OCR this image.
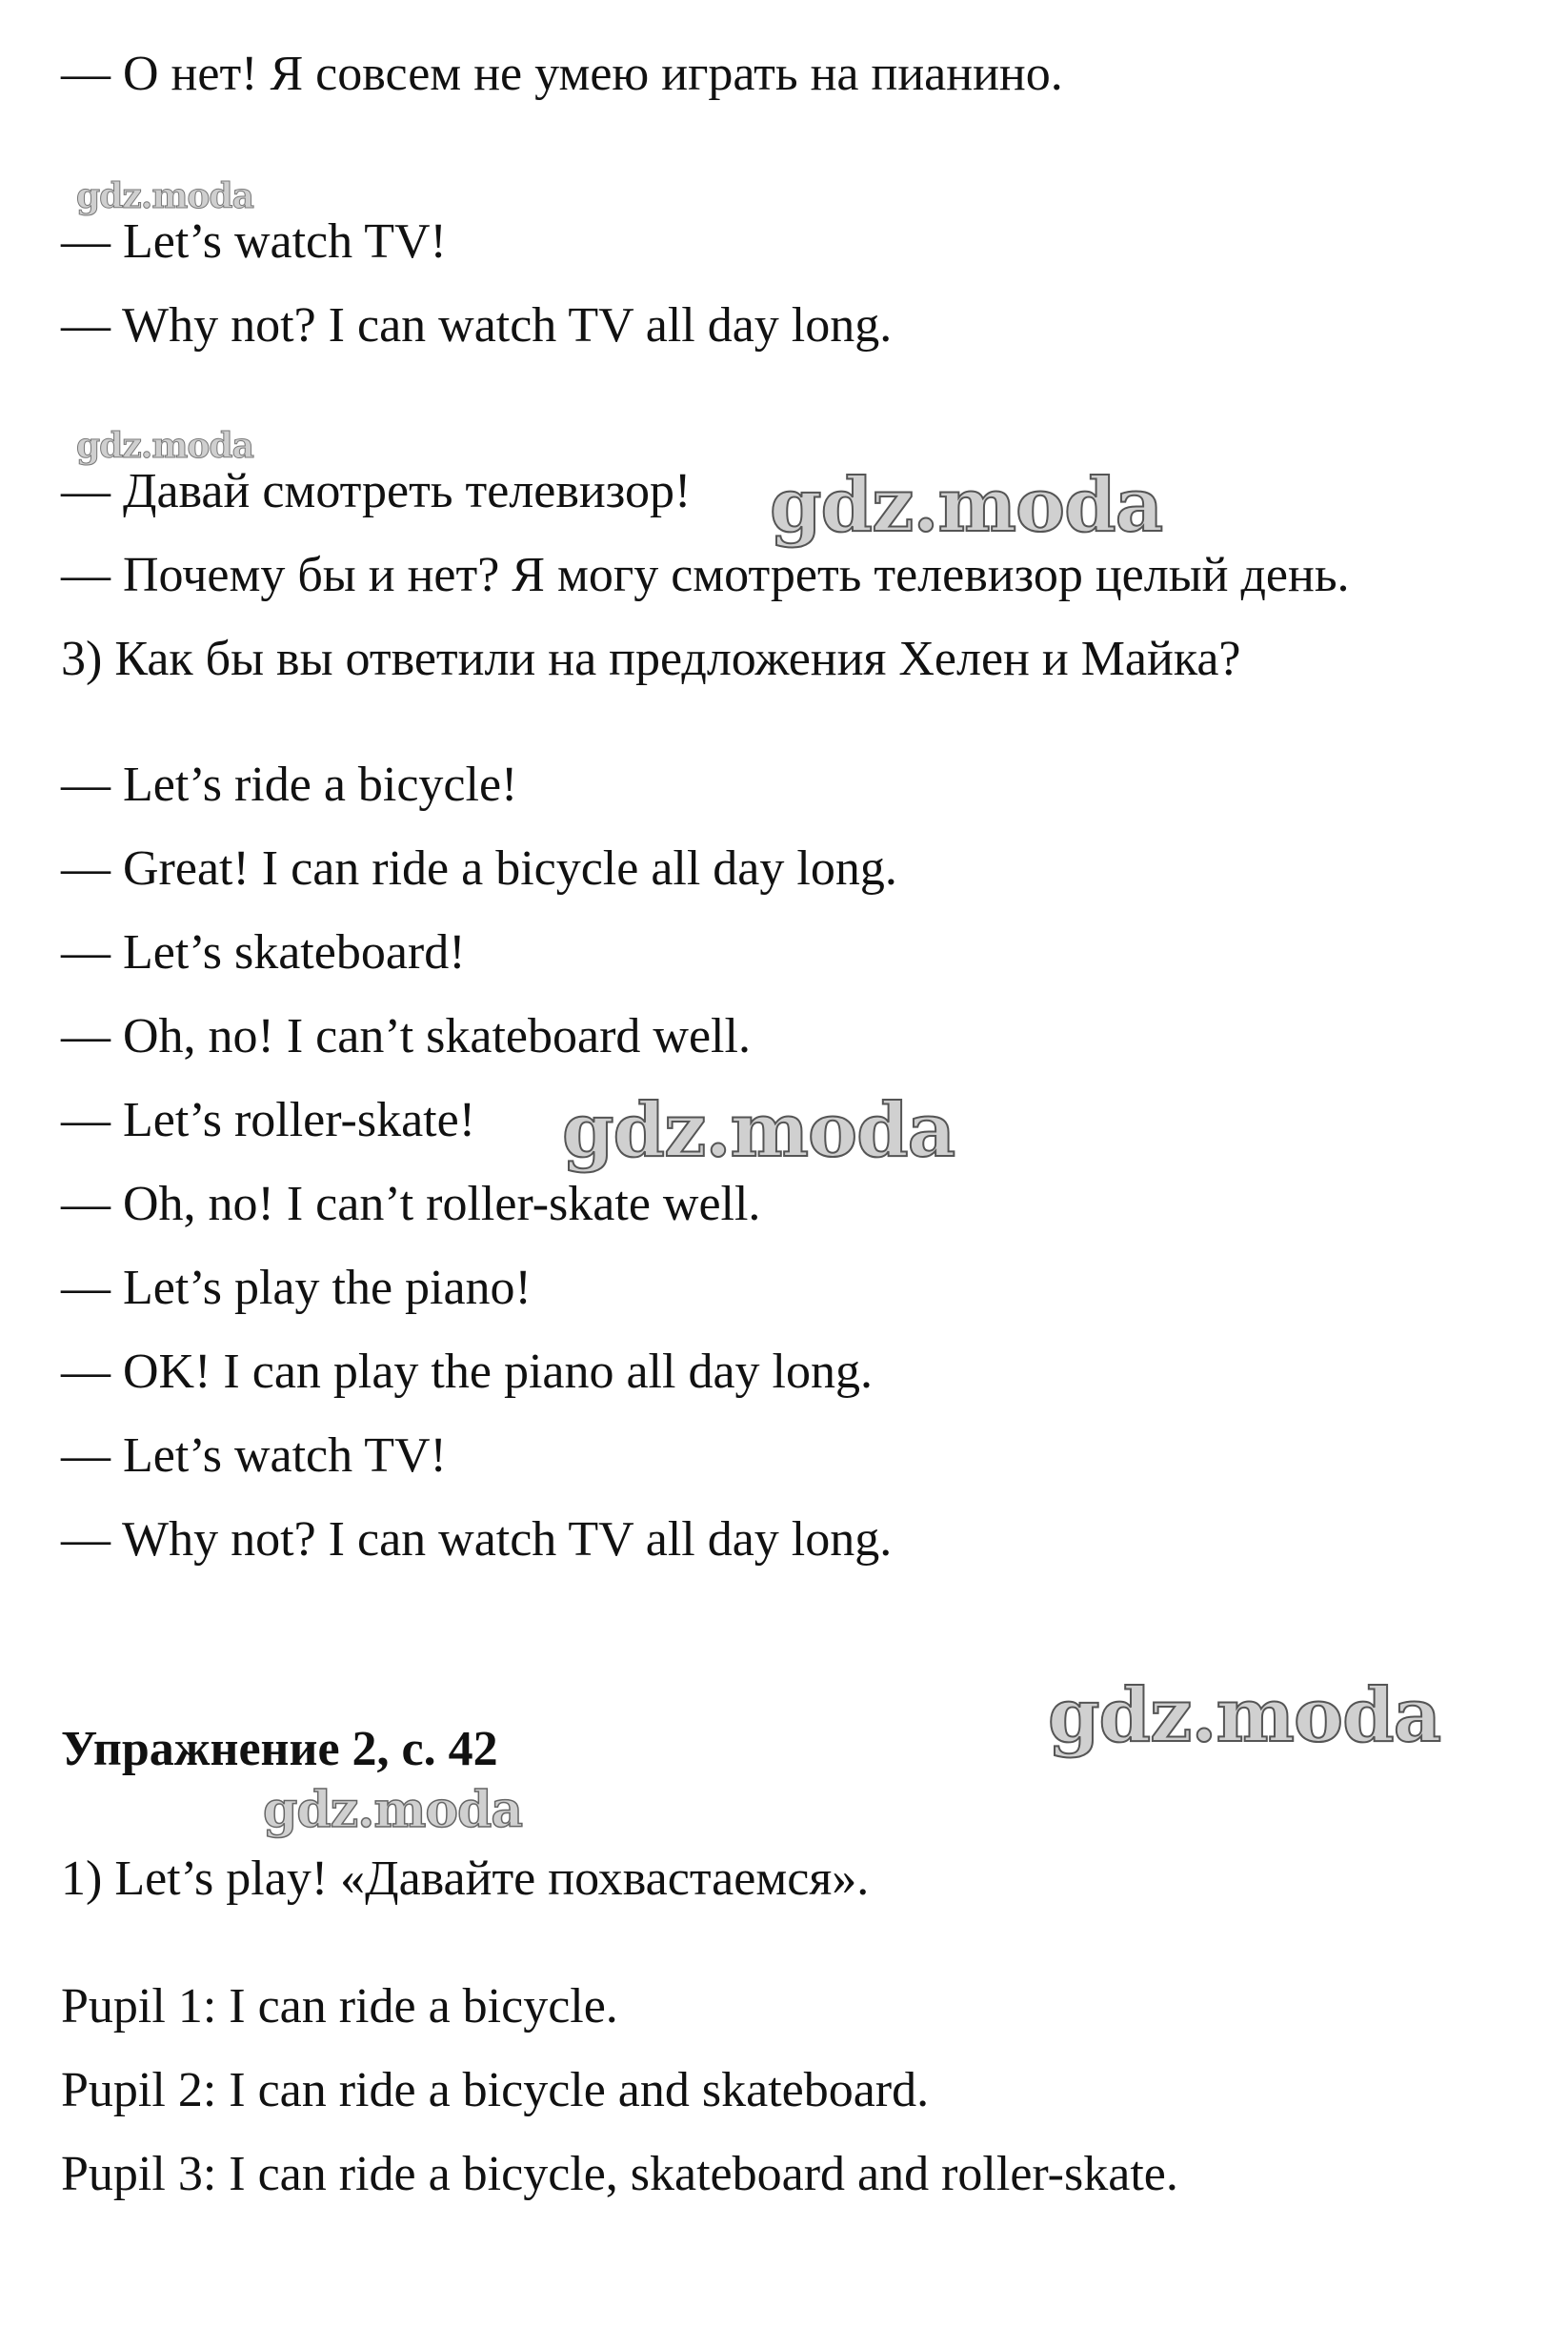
— О нет! Я совсем не умею играть на пианино.
gdz.moda
— Let’s watch TV!
— Why not? I can watch TV all day long.
gdz.moda
— Давай смотреть телевизор! gdz.moda
— Почему бы и нет? Я могу смотреть телевизор целый день.
3) Как бы вы ответили на предложения Хелен и Майка?
— Let’s ride a bicycle!
— Great! I can ride a bicycle all day long.
— Let’s skateboard!
— Oh, no! I can’t skateboard well.
— Let’s roller-skate! gdz.moda
— Oh, no! I can’t roller-skate well.
— Let’s play the piano!
— OK! I can play the piano all day long.
— Let’s watch TV!
— Why not? I can watch TV all day long.
gdz.moda
Упражнение 2, с. 42
gdz.moda
1) Let’s play! «Давайте похвастаемся».
Pupil 1: I can ride a bicycle.
Pupil 2: I can ride a bicycle and skateboard.
Pupil 3: I can ride a bicycle, skateboard and roller-skate.
